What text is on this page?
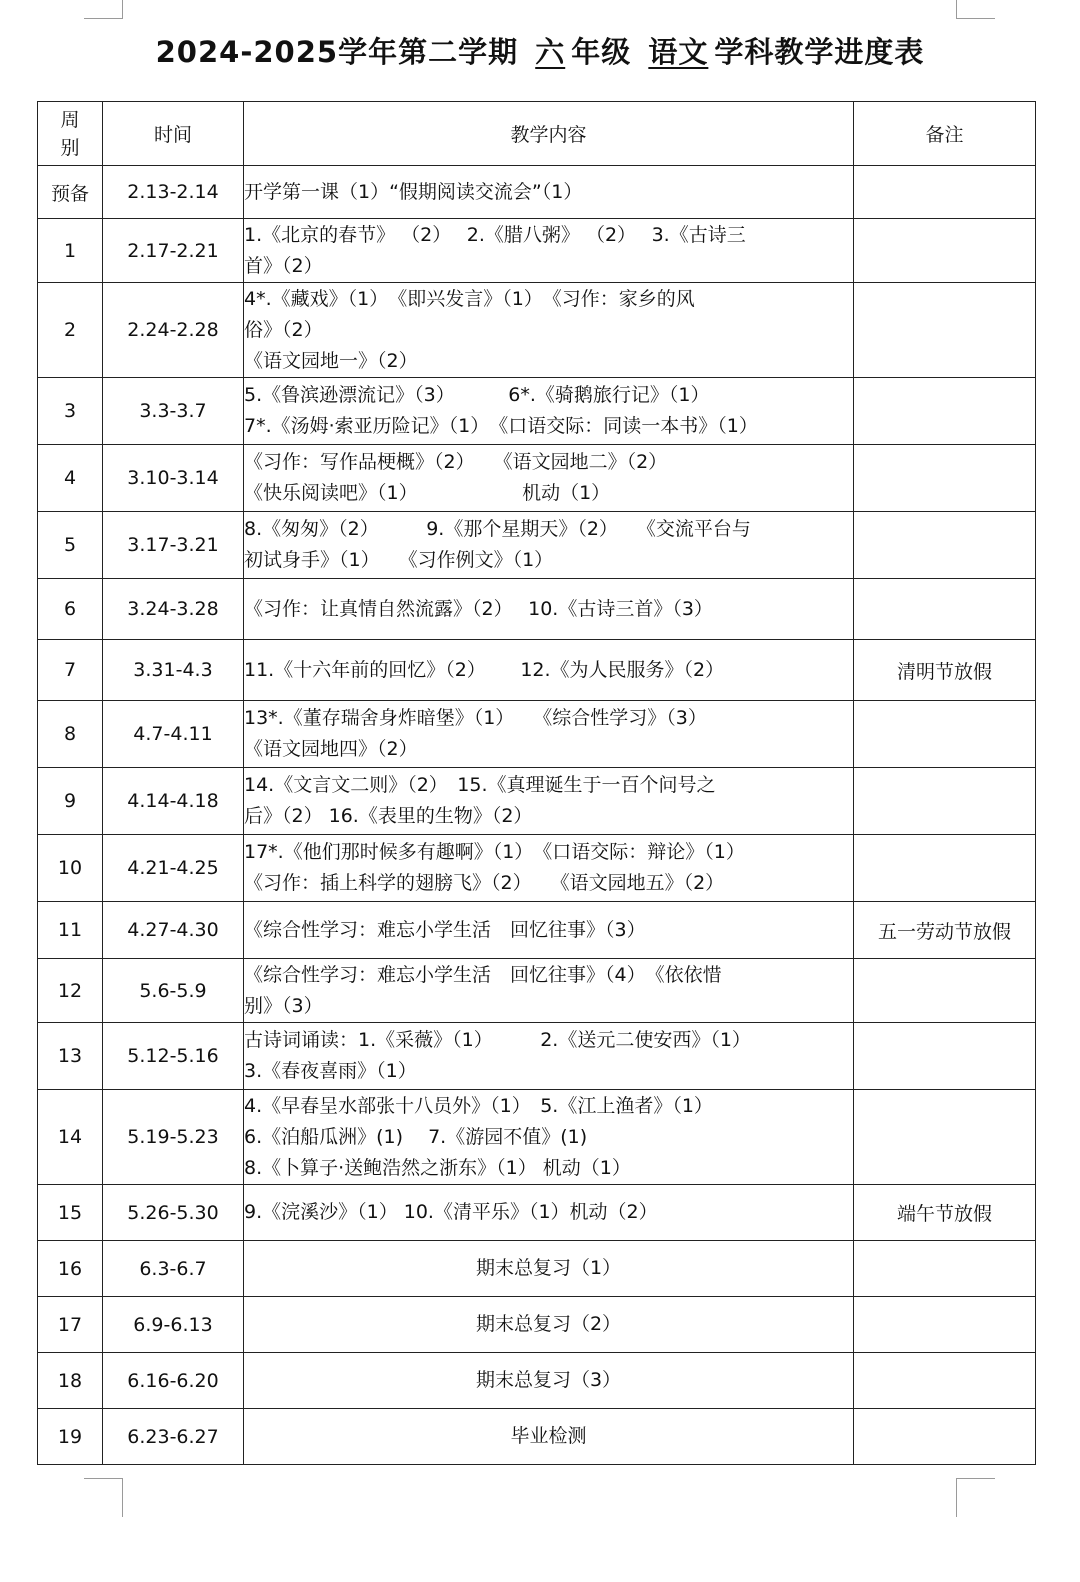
2024-2025学年第二学期 六 年级 语文 学科教学进度表
周
别	时间	教学内容	备注
预备	2.13-2.14	开学第一课（1）“假期阅读交流会”（1）	

1	2.17-2.21	1.《北京的春节》 （2）　 2.《腊八粥》 （2）　 3.《古诗三
首》（2）	

2	2.24-2.28	4*.《藏戏》（1）　《即兴发言》（1）　《习作：家乡的风
俗》（2）
《语文园地一》（2）	

3	3.3-3.7	5.《鲁滨逊漂流记》（3）　　　 6*.《骑鹅旅行记》（1）
7*.《汤姆·索亚历险记》（1）　《口语交际：同读一本书》（1）	

4	3.10-3.14	《习作：写作品梗概》（2）　　《语文园地二》（2）
《快乐阅读吧》（1）　　　　　　机动（1）	

5	3.17-3.21	8.《匆匆》（2）　　　9.《那个星期天》（2）　　《交流平台与
初试身手》（1）　　《习作例文》（1）	

6	3.24-3.28	《习作：让真情自然流露》（2）　 10.《古诗三首》（3）	

7	3.31-4.3	11.《十六年前的回忆》（2）　　 12.《为人民服务》（2）	清明节放假
8	4.7-4.11	13*.《董存瑞舍身炸暗堡》（1）　　《综合性学习》（3）
《语文园地四》（2）	

9	4.14-4.18	14.《文言文二则》（2）　15.《真理诞生于一百个问号之
后》（2） 16.《表里的生物》（2）	

10	4.21-4.25	17*.《他们那时候多有趣啊》（1）　《口语交际：辩论》（1）
《习作：插上科学的翅膀飞》（2）　　《语文园地五》（2）	

11	4.27-4.30	《综合性学习：难忘小学生活　回忆往事》（3）	五一劳动节放假
12	5.6-5.9	《综合性学习：难忘小学生活　回忆往事》（4）　《依依惜
别》（3）	

13	5.12-5.16	古诗词诵读：1.《采薇》（1）　　　2.《送元二使安西》（1）
3.《春夜喜雨》（1）	

14	5.19-5.23	4.《早春呈水部张十八员外》（1）　5.《江上渔者》（1）
6.《泊船瓜洲》(1)　 7.《游园不值》(1)
8.《卜算子·送鲍浩然之浙东》（1） 机动（1）	

15	5.26-5.30	9.《浣溪沙》（1） 10.《清平乐》（1）机动（2）	端午节放假
16	6.3-6.7	期末总复习（1）	

17	6.9-6.13	期末总复习（2）	

18	6.16-6.20	期末总复习（3）	

19	6.23-6.27	毕业检测	
